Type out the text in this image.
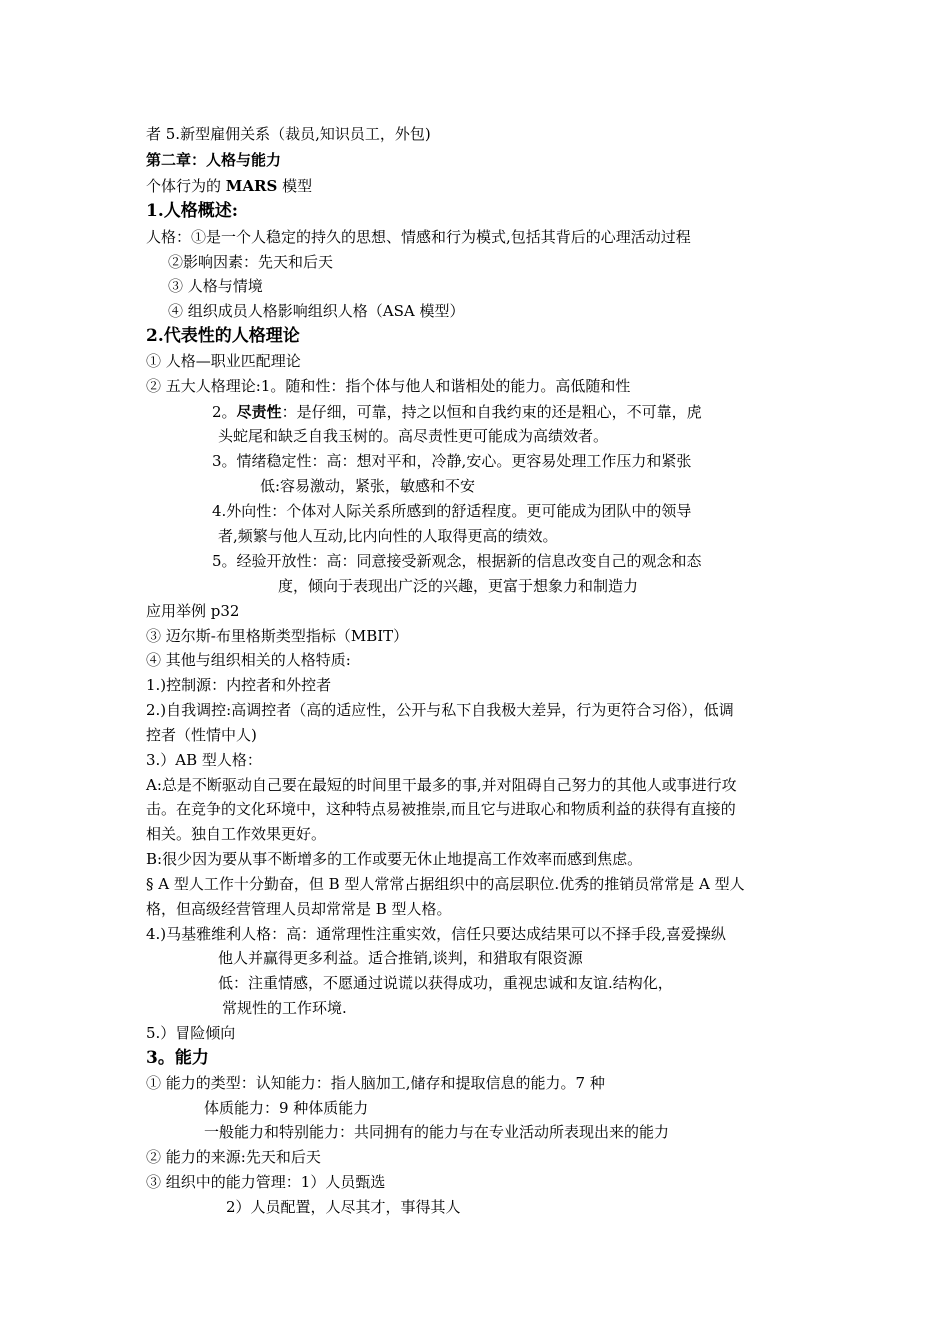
者 5.新型雇佣关系（裁员,知识员工，外包)
第二章：人格与能力
个体行为的 MARS 模型
1.人格概述:
人格：①是一个人稳定的持久的思想、情感和行为模式,包括其背后的心理活动过程
②影响因素：先天和后天
③ 人格与情境
④ 组织成员人格影响组织人格（ASA 模型）
2.代表性的人格理论
① 人格—职业匹配理论
② 五大人格理论:1。随和性：指个体与他人和谐相处的能力。高低随和性
2。尽责性：是仔细，可靠，持之以恒和自我约束的还是粗心，不可靠，虎
头蛇尾和缺乏自我玉树的。高尽责性更可能成为高绩效者。
3。情绪稳定性：高：想对平和，冷静,安心。更容易处理工作压力和紧张
低:容易激动，紧张，敏感和不安
4.外向性：个体对人际关系所感到的舒适程度。更可能成为团队中的领导
者,频繁与他人互动,比内向性的人取得更高的绩效。
5。经验开放性：高：同意接受新观念，根据新的信息改变自己的观念和态
度，倾向于表现出广泛的兴趣，更富于想象力和制造力
应用举例 p32
③ 迈尔斯-布里格斯类型指标（MBIT）
④ 其他与组织相关的人格特质:
1.)控制源：内控者和外控者
2.)自我调控:高调控者（高的适应性，公开与私下自我极大差异，行为更符合习俗），低调
控者（性情中人)
3.）AB 型人格：
A:总是不断驱动自己要在最短的时间里干最多的事,并对阻碍自己努力的其他人或事进行攻
击。在竞争的文化环境中，这种特点易被推崇,而且它与进取心和物质利益的获得有直接的
相关。独自工作效果更好。
B:很少因为要从事不断增多的工作或要无休止地提高工作效率而感到焦虑。
§ A 型人工作十分勤奋，但 B 型人常常占据组织中的高层职位.优秀的推销员常常是 A 型人
格，但高级经营管理人员却常常是 B 型人格。
4.)马基雅维利人格：高：通常理性注重实效，信任只要达成结果可以不择手段,喜爱操纵
他人并赢得更多利益。适合推销,谈判，和猎取有限资源
低：注重情感，不愿通过说谎以获得成功，重视忠诚和友谊.结构化，
常规性的工作环境.
5.）冒险倾向
3。能力
① 能力的类型：认知能力：指人脑加工,储存和提取信息的能力。7 种
体质能力：9 种体质能力
一般能力和特别能力：共同拥有的能力与在专业活动所表现出来的能力
② 能力的来源:先天和后天
③ 组织中的能力管理：1）人员甄选
2）人员配置，人尽其才，事得其人
